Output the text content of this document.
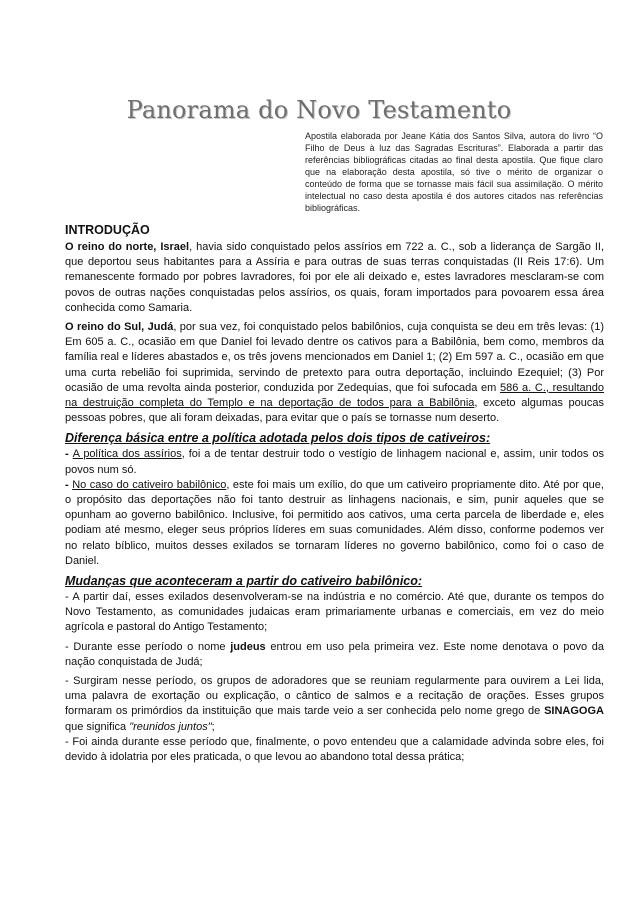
Panorama do Novo Testamento

Apostila elaborada por Jeane Kátia dos Santos Silva, autora do livro “O Filho de Deus à luz das Sagradas Escrituras”. Elaborada a partir das referências bibliográficas citadas ao final desta apostila. Que fique claro que na elaboração desta apostila, só tive o mérito de organizar o conteúdo de forma que se tornasse mais fácil sua assimilação. O mérito intelectual no caso desta apostila é dos autores citados nas referências bibliográficas.

INTRODUÇÃO

O reino do norte, Israel, havia sido conquistado pelos assírios em 722 a. C., sob a liderança de Sargão II, que deportou seus habitantes para a Assíria e para outras de suas terras conquistadas (II Reis 17:6). Um remanescente formado por pobres lavradores, foi por ele ali deixado e, estes lavradores mesclaram-se com povos de outras nações conquistadas pelos assírios, os quais, foram importados para povoarem essa área conhecida como Samaria.

O reino do Sul, Judá, por sua vez, foi conquistado pelos babilônios, cuja conquista se deu em três levas: (1) Em 605 a. C., ocasião em que Daniel foi levado dentre os cativos para a Babilônia, bem como, membros da família real e líderes abastados e, os três jovens mencionados em Daniel 1; (2) Em 597 a. C., ocasião em que uma curta rebelião foi suprimida, servindo de pretexto para outra deportação, incluindo Ezequiel; (3) Por ocasião de uma revolta ainda posterior, conduzida por Zedequias, que foi sufocada em 586 a. C., resultando na destruição completa do Templo e na deportação de todos para a Babilônia, exceto algumas poucas pessoas pobres, que ali foram deixadas, para evitar que o país se tornasse num deserto.

Diferença básica entre a política adotada pelos dois tipos de cativeiros:

- A política dos assírios, foi a de tentar destruir todo o vestígio de linhagem nacional e, assim, unir todos os povos num só.

- No caso do cativeiro babilônico, este foi mais um exílio, do que um cativeiro propriamente dito. Até por que, o propósito das deportações não foi tanto destruir as linhagens nacionais, e sim, punir aqueles que se opunham ao governo babilônico. Inclusive, foi permitido aos cativos, uma certa parcela de liberdade e, eles podiam até mesmo, eleger seus próprios líderes em suas comunidades. Além disso, conforme podemos ver no relato bíblico, muitos desses exilados se tornaram líderes no governo babilônico, como foi o caso de Daniel.

Mudanças que aconteceram a partir do cativeiro babilônico:

- A partir daí, esses exilados desenvolveram-se na indústria e no comércio. Até que, durante os tempos do Novo Testamento, as comunidades judaicas eram primariamente urbanas e comerciais, em vez do meio agrícola e pastoral do Antigo Testamento;

- Durante esse período o nome judeus entrou em uso pela primeira vez. Este nome denotava o povo da nação conquistada de Judá;

- Surgiram nesse período, os grupos de adoradores que se reuniam regularmente para ouvirem a Lei lida, uma palavra de exortação ou explicação, o cântico de salmos e a recitação de orações. Esses grupos formaram os primórdios da instituição que mais tarde veio a ser conhecida pelo nome grego de SINAGOGA que significa "reunidos juntos";

- Foi ainda durante esse período que, finalmente, o povo entendeu que a calamidade advinda sobre eles, foi devido à idolatria por eles praticada, o que levou ao abandono total dessa prática;
